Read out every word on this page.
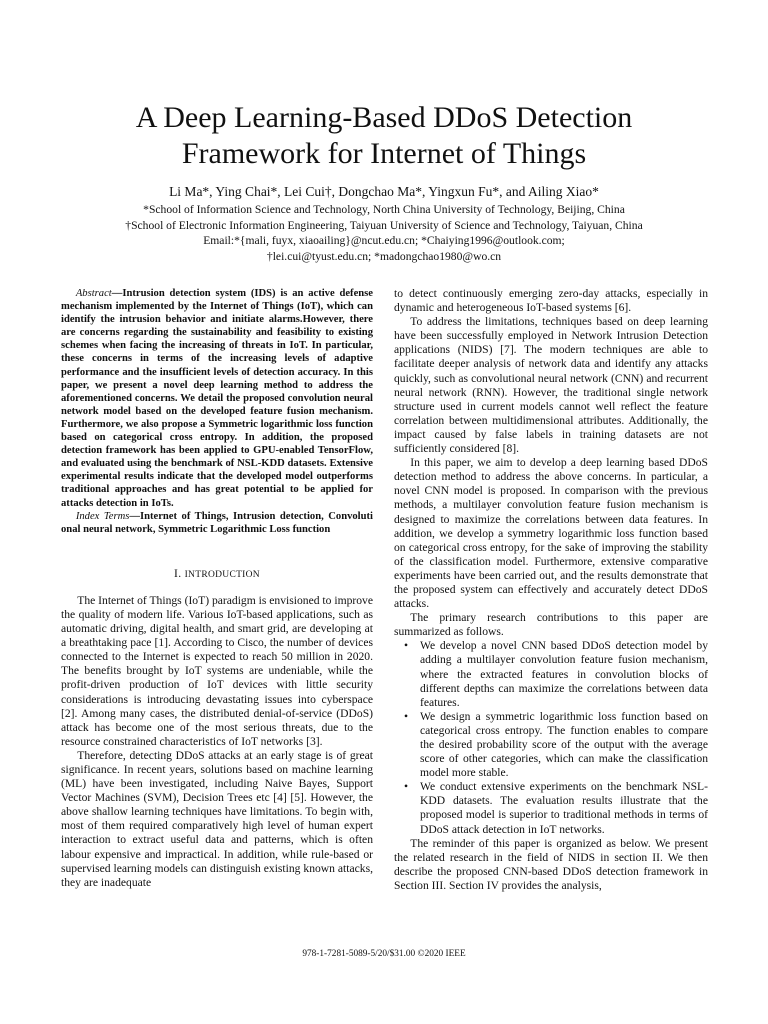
A Deep Learning-Based DDoS Detection
Framework for Internet of Things
Li Ma*, Ying Chai*, Lei Cui†, Dongchao Ma*, Yingxun Fu*, and Ailing Xiao*
*School of Information Science and Technology, North China University of Technology, Beijing, China
†School of Electronic Information Engineering, Taiyuan University of Science and Technology, Taiyuan, China
Email:*{mali, fuyx, xiaoailing}@ncut.edu.cn; *Chaiying1996@outlook.com;
†lei.cui@tyust.edu.cn; *madongchao1980@wo.cn

Abstract—Intrusion detection system (IDS) is an active defense mechanism implemented by the Internet of Things (IoT), which can identify the intrusion behavior and initiate alarms.However, there are concerns regarding the sustainability and feasibility to existing schemes when facing the increasing of threats in IoT. In particular, these concerns in terms of the increasing levels of adaptive performance and the insufficient levels of detection accuracy. In this paper, we present a novel deep learning method to address the aforementioned concerns. We detail the proposed convolution neural network model based on the developed feature fusion mechanism. Furthermore, we also propose a Symmetric logarithmic loss function based on categorical cross entropy. In addition, the proposed detection framework has been applied to GPU-enabled TensorFlow, and evaluated using the benchmark of NSL-KDD datasets. Extensive experimental results indicate that the developed model outperforms traditional approaches and has great potential to be applied for attacks detection in IoTs.

Index Terms—Internet of Things, Intrusion detection, Convoluti onal neural network, Symmetric Logarithmic Loss function

I. INTRODUCTION

The Internet of Things (IoT) paradigm is envisioned to improve the quality of modern life. Various IoT-based applications, such as automatic driving, digital health, and smart grid, are developing at a breathtaking pace [1]. According to Cisco, the number of devices connected to the Internet is expected to reach 50 million in 2020. The benefits brought by IoT systems are undeniable, while the profit-driven production of IoT devices with little security considerations is introducing devastating issues into cyberspace [2]. Among many cases, the distributed denial-of-service (DDoS) attack has become one of the most serious threats, due to the resource constrained characteristics of IoT networks [3].

Therefore, detecting DDoS attacks at an early stage is of great significance. In recent years, solutions based on machine learning (ML) have been investigated, including Naive Bayes, Support Vector Machines (SVM), Decision Trees etc [4] [5]. However, the above shallow learning techniques have limitations. To begin with, most of them required comparatively high level of human expert interaction to extract useful data and patterns, which is often labour expensive and impractical. In addition, while rule-based or supervised learning models can distinguish existing known attacks, they are inadequate

to detect continuously emerging zero-day attacks, especially in dynamic and heterogeneous IoT-based systems [6].

To address the limitations, techniques based on deep learning have been successfully employed in Network Intrusion Detection applications (NIDS) [7]. The modern techniques are able to facilitate deeper analysis of network data and identify any attacks quickly, such as convolutional neural network (CNN) and recurrent neural network (RNN). However, the traditional single network structure used in current models cannot well reflect the feature correlation between multidimensional attributes. Additionally, the impact caused by false labels in training datasets are not sufficiently considered [8].

In this paper, we aim to develop a deep learning based DDoS detection method to address the above concerns. In particular, a novel CNN model is proposed. In comparison with the previous methods, a multilayer convolution feature fusion mechanism is designed to maximize the correlations between data features. In addition, we develop a symmetry logarithmic loss function based on categorical cross entropy, for the sake of improving the stability of the classification model. Furthermore, extensive comparative experiments have been carried out, and the results demonstrate that the proposed system can effectively and accurately detect DDoS attacks.

The primary research contributions to this paper are summarized as follows.

• We develop a novel CNN based DDoS detection model by adding a multilayer convolution feature fusion mechanism, where the extracted features in convolution blocks of different depths can maximize the correlations between data features.
• We design a symmetric logarithmic loss function based on categorical cross entropy. The function enables to compare the desired probability score of the output with the average score of other categories, which can make the classification model more stable.
• We conduct extensive experiments on the benchmark NSL-KDD datasets. The evaluation results illustrate that the proposed model is superior to traditional methods in terms of DDoS attack detection in IoT networks.

The reminder of this paper is organized as below. We present the related research in the field of NIDS in section II. We then describe the proposed CNN-based DDoS detection framework in Section III. Section IV provides the analysis,

978-1-7281-5089-5/20/$31.00 ©2020 IEEE
